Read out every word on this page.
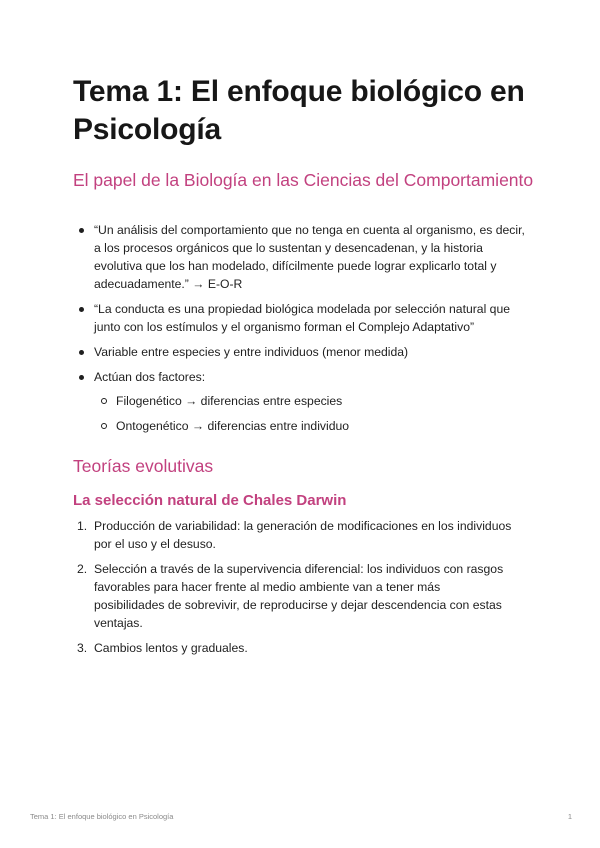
Tema 1: El enfoque biológico en Psicología
El papel de la Biología en las Ciencias del Comportamiento
“Un análisis del comportamiento que no tenga en cuenta al organismo, es decir, a los procesos orgánicos que lo sustentan y desencadenan, y la historia evolutiva que los han modelado, difícilmente puede lograr explicarlo total y adecuadamente.” → E-O-R
“La conducta es una propiedad biológica modelada por selección natural que junto con los estímulos y el organismo forman el Complejo Adaptativo”
Variable entre especies y entre individuos (menor medida)
Actúan dos factores:
Filogenético → diferencias entre especies
Ontogenético → diferencias entre individuo
Teorías evolutivas
La selección natural de Chales Darwin
1. Producción de variabilidad: la generación de modificaciones en los individuos por el uso y el desuso.
2. Selección a través de la supervivencia diferencial: los individuos con rasgos favorables para hacer frente al medio ambiente van a tener más posibilidades de sobrevivir, de reproducirse y dejar descendencia con estas ventajas.
3. Cambios lentos y graduales.
Tema 1: El enfoque biológico en Psicología	1
